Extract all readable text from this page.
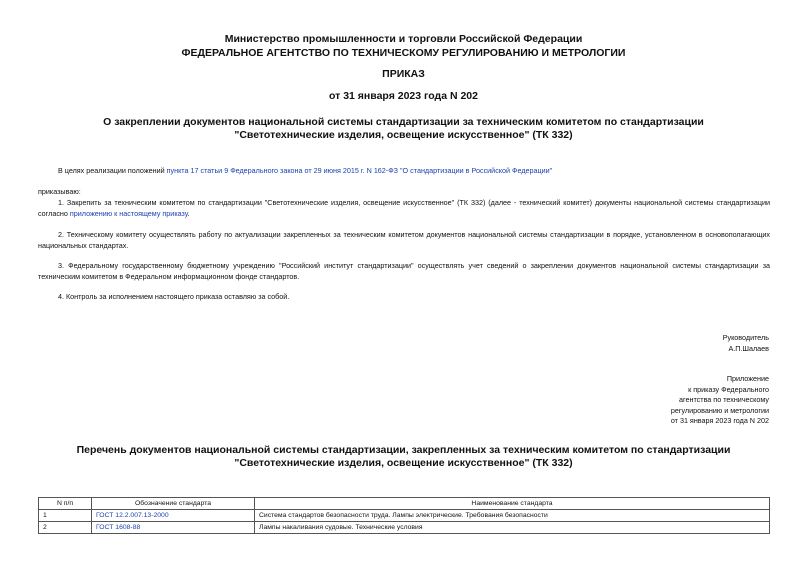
Министерство промышленности и торговли Российской Федерации
ФЕДЕРАЛЬНОЕ АГЕНТСТВО ПО ТЕХНИЧЕСКОМУ РЕГУЛИРОВАНИЮ И МЕТРОЛОГИИ
ПРИКАЗ
от 31 января 2023 года N 202
О закреплении документов национальной системы стандартизации за техническим комитетом по стандартизации "Светотехнические изделия, освещение искусственное" (ТК 332)
В целях реализации положений пункта 17 статьи 9 Федерального закона от 29 июня 2015 г. N 162-ФЗ "О стандартизации в Российской Федерации"
приказываю:
1. Закрепить за техническим комитетом по стандартизации "Светотехнические изделия, освещение искусственное" (ТК 332) (далее - технический комитет) документы национальной системы стандартизации согласно приложению к настоящему приказу.
2. Техническому комитету осуществлять работу по актуализации закрепленных за техническим комитетом документов национальной системы стандартизации в порядке, установленном в основополагающих национальных стандартах.
3. Федеральному государственному бюджетному учреждению "Российский институт стандартизации" осуществлять учет сведений о закреплении документов национальной системы стандартизации за техническим комитетом в Федеральном информационном фонде стандартов.
4. Контроль за исполнением настоящего приказа оставляю за собой.
Руководитель
А.П.Шалаев
Приложение
к приказу Федерального
агентства по техническому
регулированию и метрологии
от 31 января 2023 года N 202
Перечень документов национальной системы стандартизации, закрепленных за техническим комитетом по стандартизации "Светотехнические изделия, освещение искусственное" (ТК 332)
N п/п	Обозначение стандарта	Наименование стандарта
1	ГОСТ 12.2.007.13-2000	Система стандартов безопасности труда. Лампы электрические. Требования безопасности
2	ГОСТ 1608-88	Лампы накаливания судовые. Технические условия
